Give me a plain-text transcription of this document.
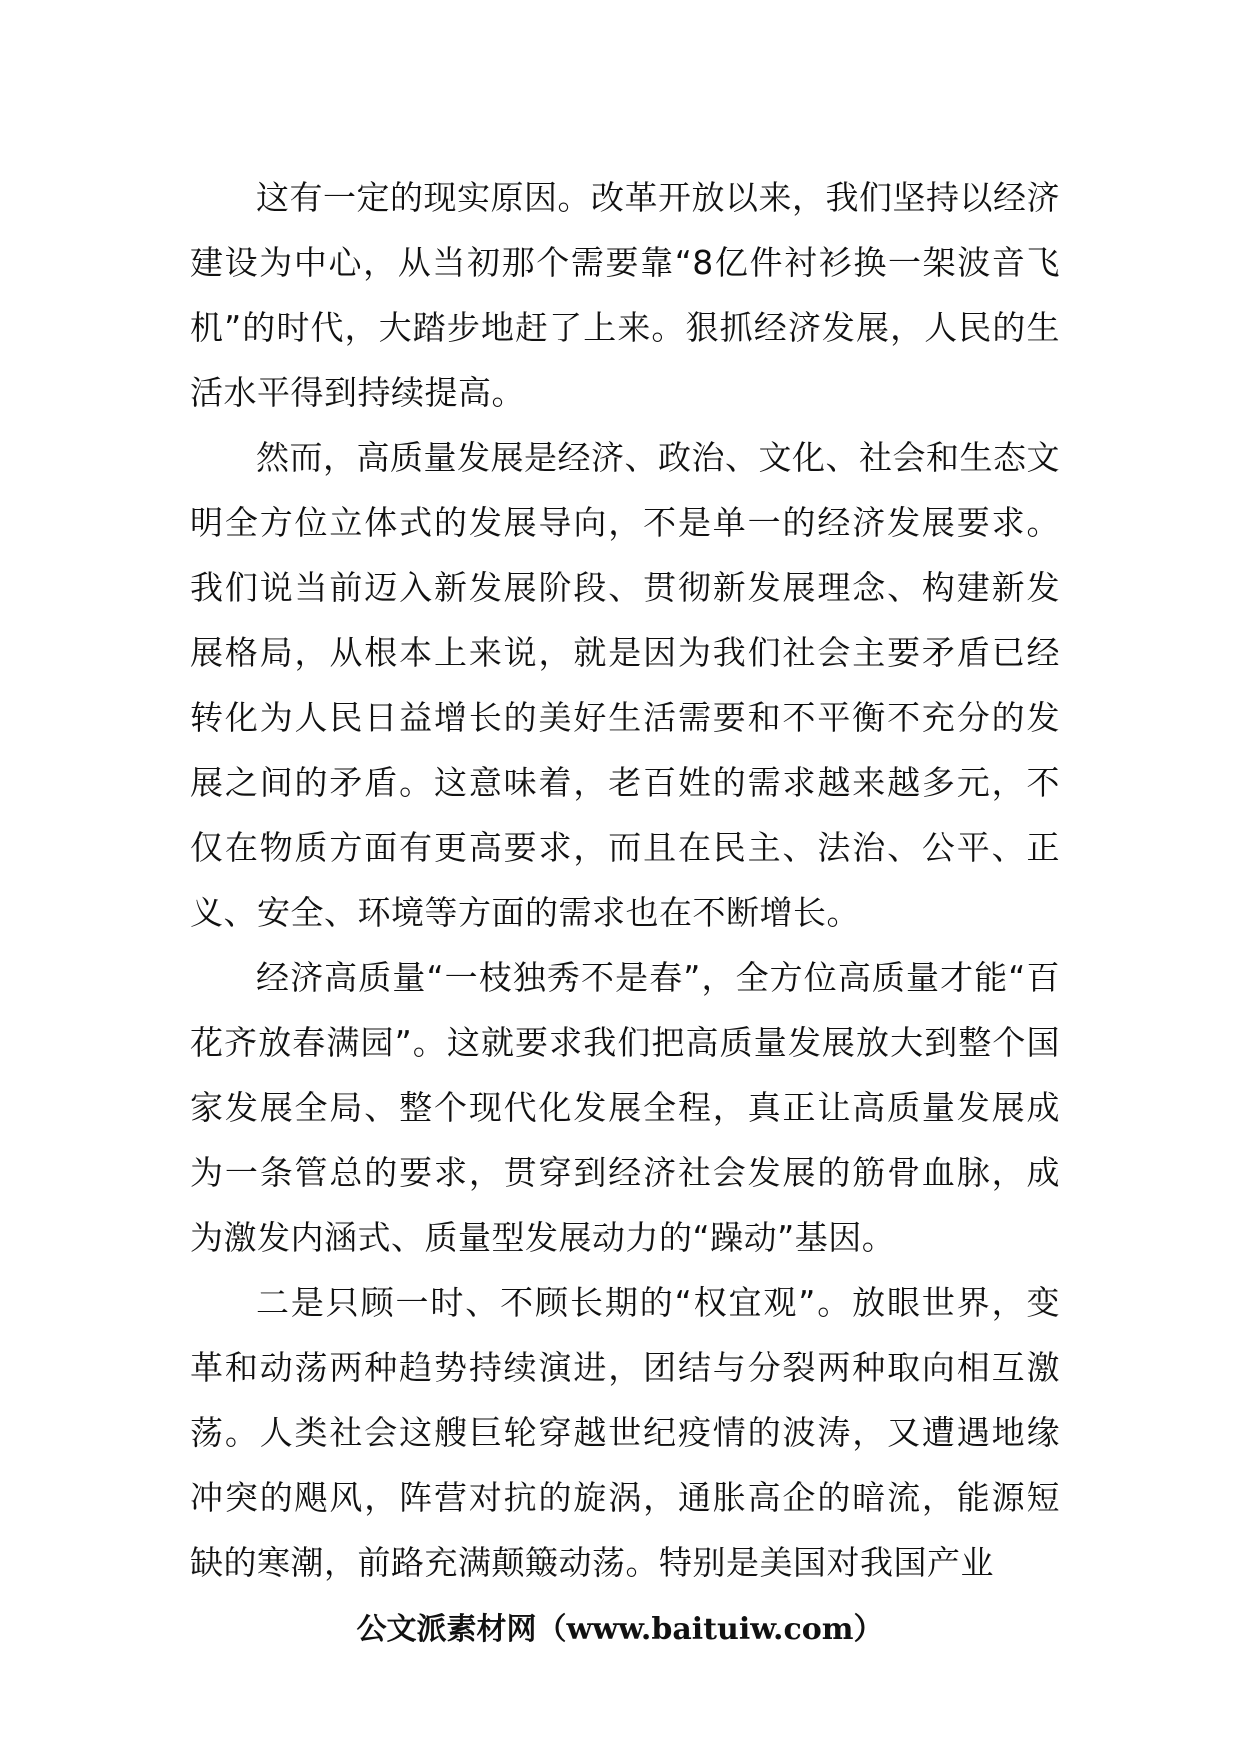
这有一定的现实原因。改革开放以来，我们坚持以经济建设为中心，从当初那个需要靠“8亿件衬衫换一架波音飞机”的时代，大踏步地赶了上来。狠抓经济发展，人民的生活水平得到持续提高。

然而，高质量发展是经济、政治、文化、社会和生态文明全方位立体式的发展导向，不是单一的经济发展要求。我们说当前迈入新发展阶段、贯彻新发展理念、构建新发展格局，从根本上来说，就是因为我们社会主要矛盾已经转化为人民日益增长的美好生活需要和不平衡不充分的发展之间的矛盾。这意味着，老百姓的需求越来越多元，不仅在物质方面有更高要求，而且在民主、法治、公平、正义、安全、环境等方面的需求也在不断增长。

经济高质量“一枝独秀不是春”，全方位高质量才能“百花齐放春满园”。这就要求我们把高质量发展放大到整个国家发展全局、整个现代化发展全程，真正让高质量发展成为一条管总的要求，贯穿到经济社会发展的筋骨血脉，成为激发内涵式、质量型发展动力的“躁动”基因。

二是只顾一时、不顾长期的“权宜观”。放眼世界，变革和动荡两种趋势持续演进，团结与分裂两种取向相互激荡。人类社会这艘巨轮穿越世纪疫情的波涛，又遭遇地缘冲突的飓风，阵营对抗的旋涡，通胀高企的暗流，能源短缺的寒潮，前路充满颠簸动荡。特别是美国对我国产业

公文派素材网（www.baituiw.com）
